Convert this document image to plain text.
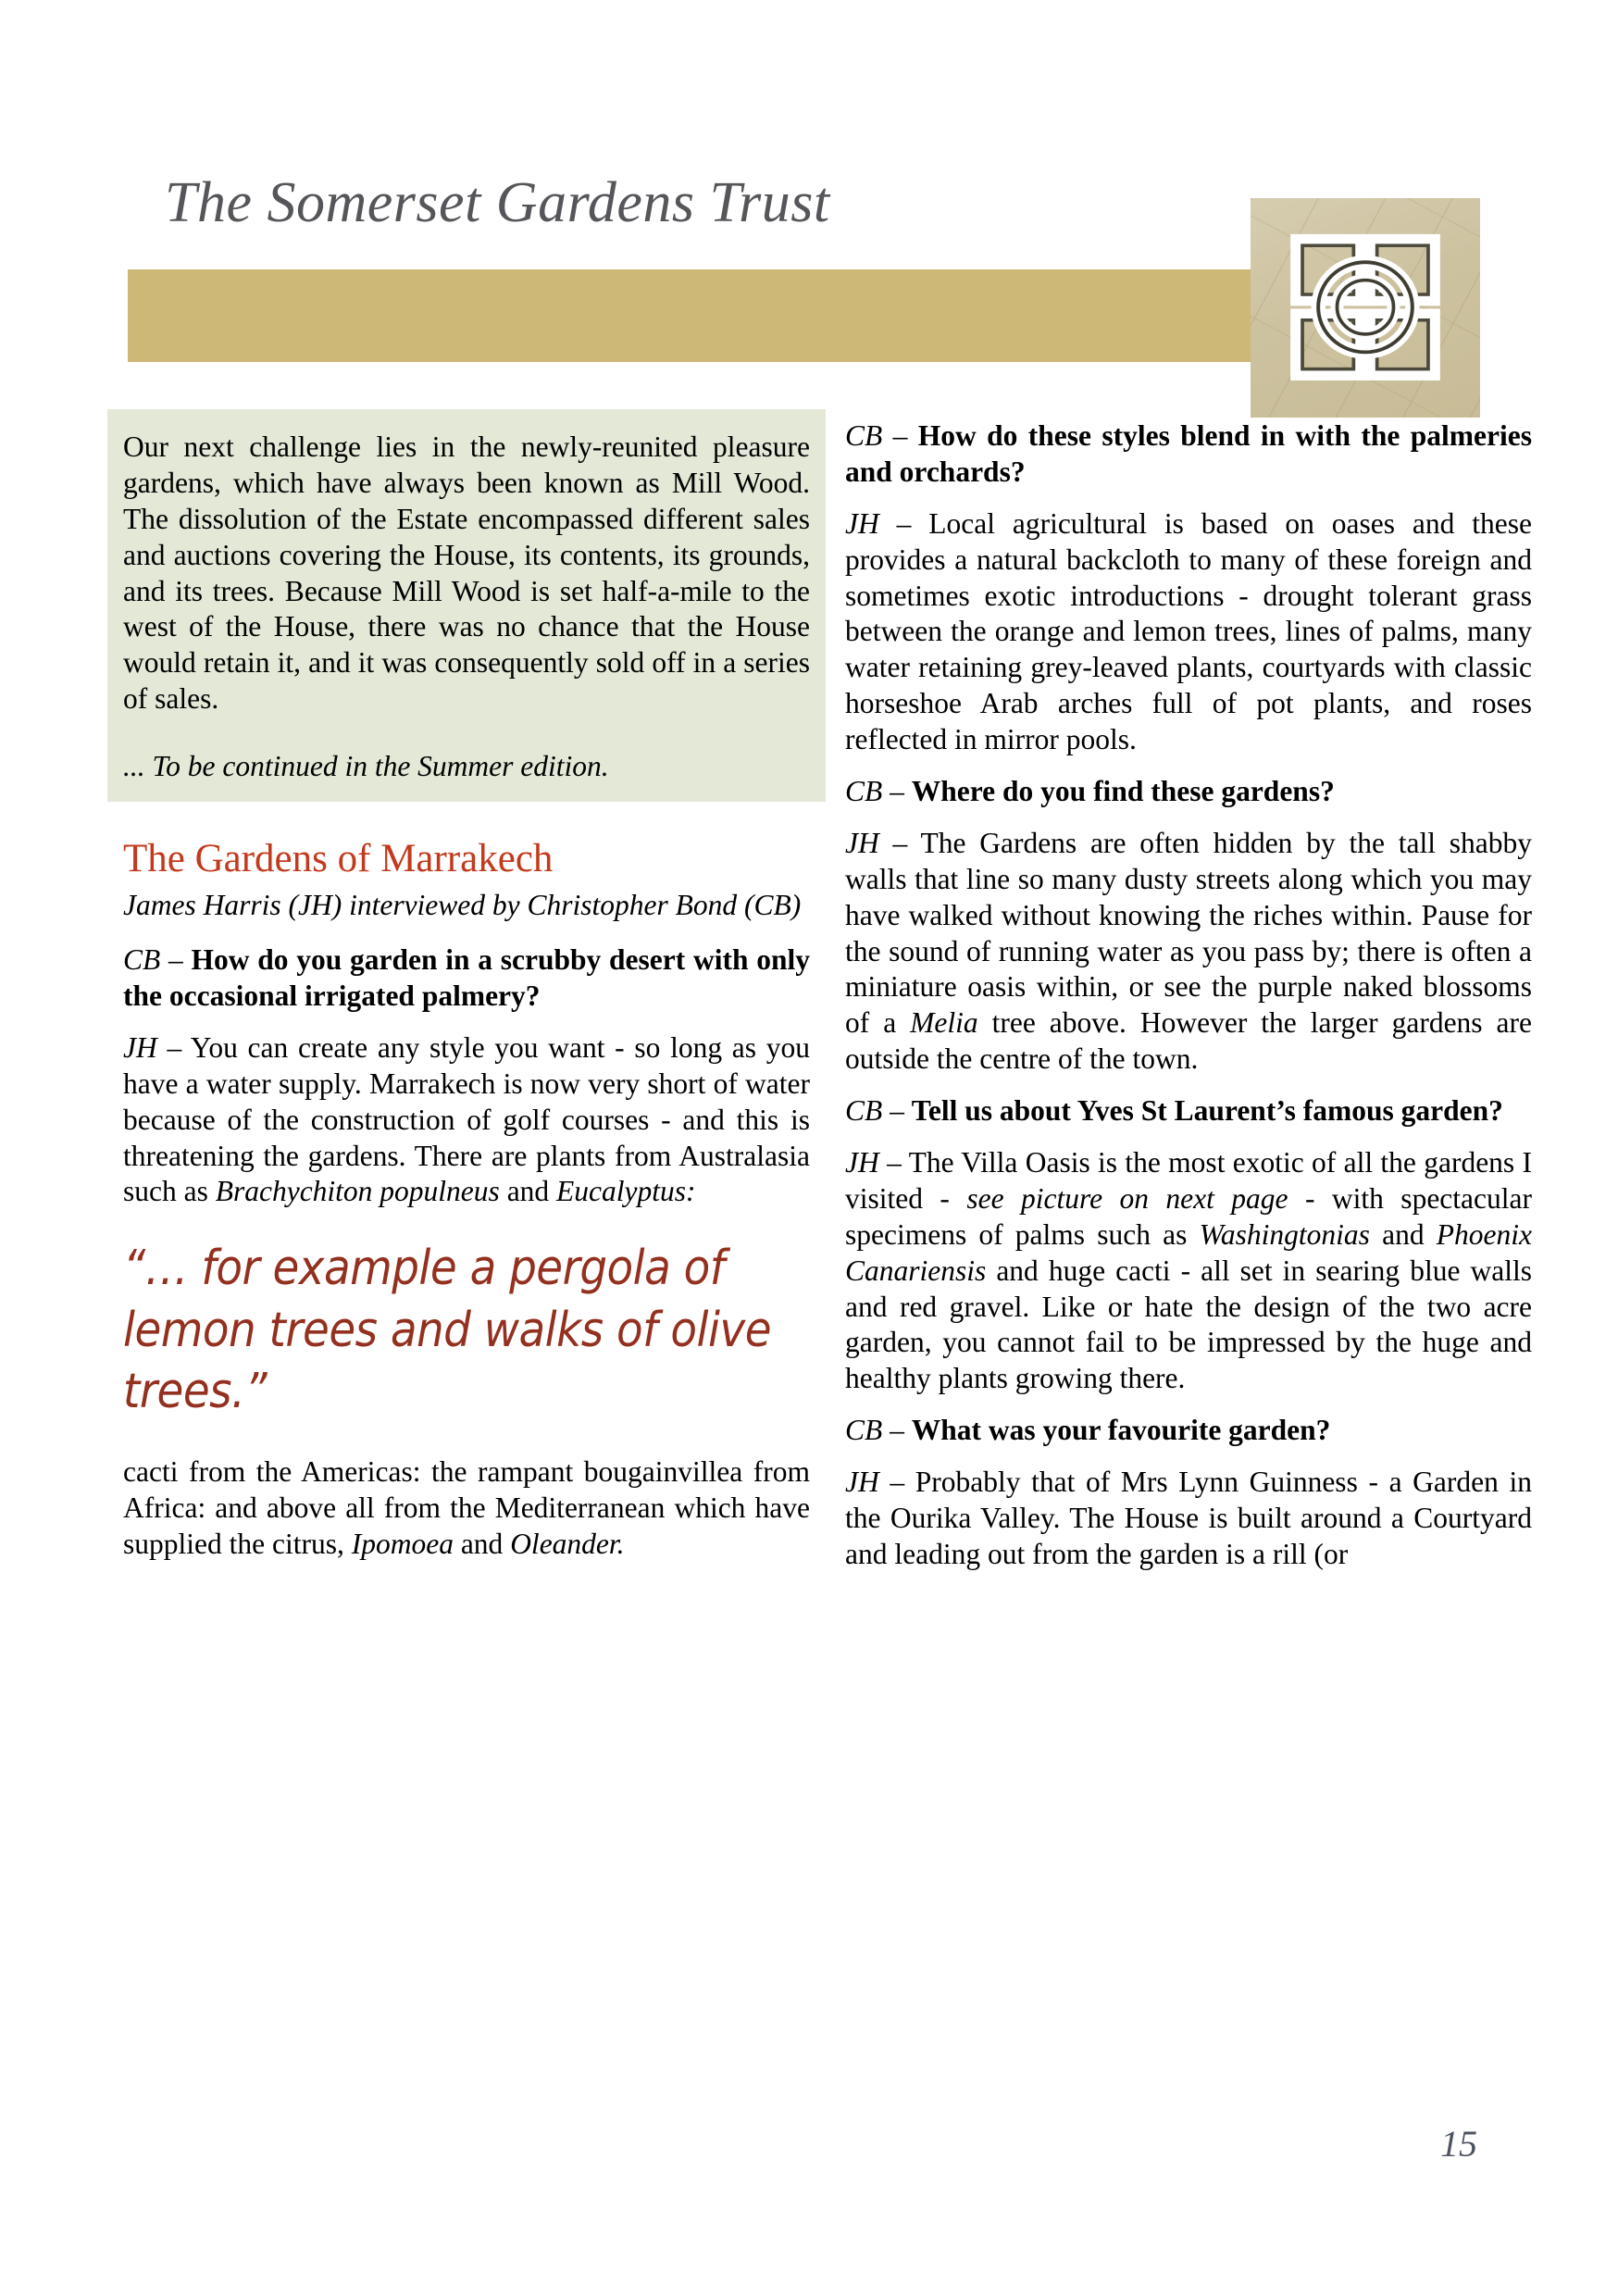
The Somerset Gardens Trust

Our next challenge lies in the newly-reunited pleasure gardens, which have always been known as Mill Wood. The dissolution of the Estate encompassed different sales and auctions covering the House, its contents, its grounds, and its trees. Because Mill Wood is set half-a-mile to the west of the House, there was no chance that the House would retain it, and it was consequently sold off in a series of sales.

... To be continued in the Summer edition.

The Gardens of Marrakech

James Harris (JH) interviewed by Christopher Bond (CB)

CB – How do you garden in a scrubby desert with only the occasional irrigated palmery?

JH – You can create any style you want - so long as you have a water supply. Marrakech is now very short of water because of the construction of golf courses - and this is threatening the gardens. There are plants from Australasia such as Brachychiton populneus and Eucalyptus:

“… for example a pergola of lemon trees and walks of olive trees.”

cacti from the Americas: the rampant bougainvillea from Africa: and above all from the Mediterranean which have supplied the citrus, Ipomoea and Oleander.

CB – How do these styles blend in with the palmeries and orchards?

JH – Local agricultural is based on oases and these provides a natural backcloth to many of these foreign and sometimes exotic introductions - drought tolerant grass between the orange and lemon trees, lines of palms, many water retaining grey-leaved plants, courtyards with classic horseshoe Arab arches full of pot plants, and roses reflected in mirror pools.

CB – Where do you find these gardens?

JH – The Gardens are often hidden by the tall shabby walls that line so many dusty streets along which you may have walked without knowing the riches within. Pause for the sound of running water as you pass by; there is often a miniature oasis within, or see the purple naked blossoms of a Melia tree above. However the larger gardens are outside the centre of the town.

CB – Tell us about Yves St Laurent’s famous garden?

JH – The Villa Oasis is the most exotic of all the gardens I visited - see picture on next page - with spectacular specimens of palms such as Washingtonias and Phoenix Canariensis and huge cacti - all set in searing blue walls and red gravel. Like or hate the design of the two acre garden, you cannot fail to be impressed by the huge and healthy plants growing there.

CB – What was your favourite garden?

JH – Probably that of Mrs Lynn Guinness - a Garden in the Ourika Valley. The House is built around a Courtyard and leading out from the garden is a rill (or

15
